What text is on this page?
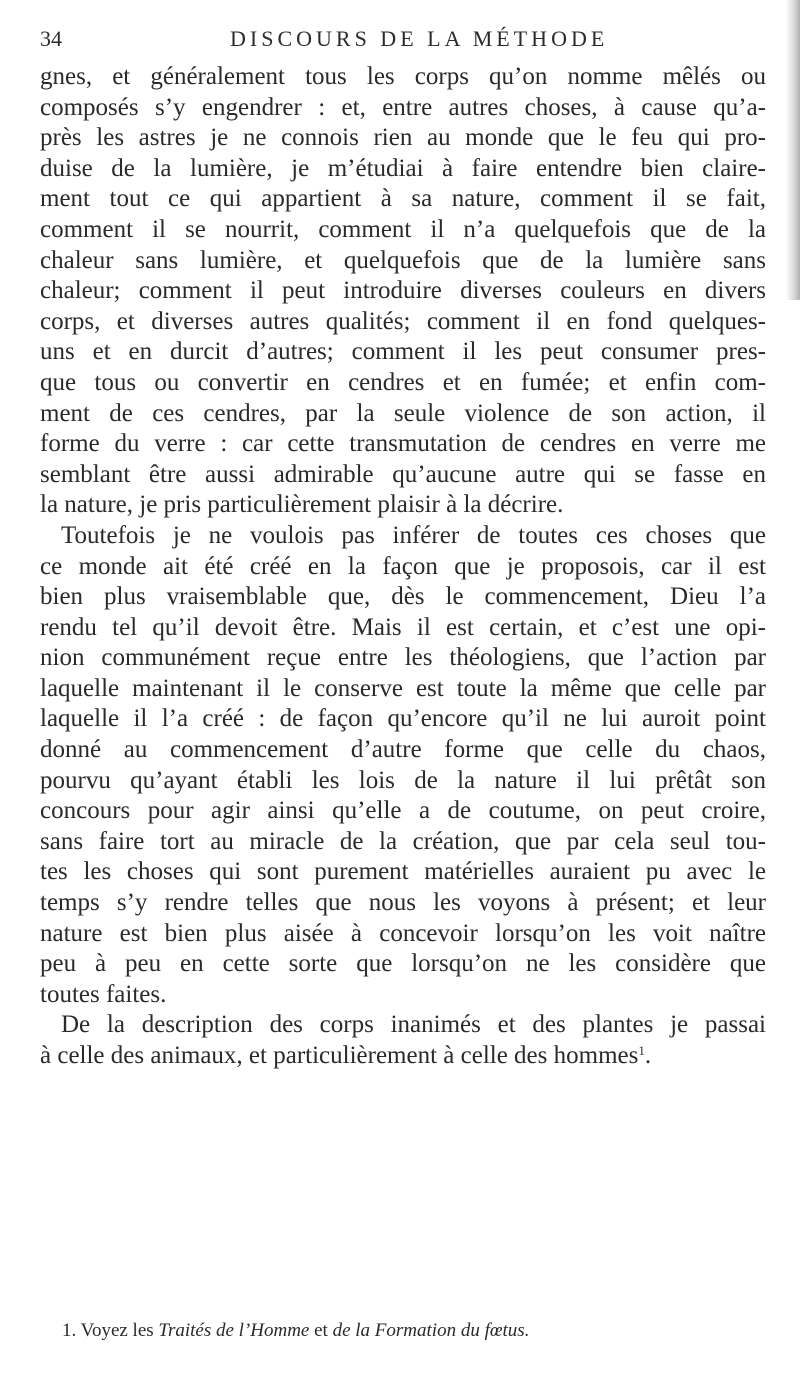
34	DISCOURS DE LA MÉTHODE
gnes, et généralement tous les corps qu’on nomme mêlés ou
composés s’y engendrer : et, entre autres choses, à cause qu’a-
près les astres je ne connois rien au monde que le feu qui pro-
duise de la lumière, je m’étudiai à faire entendre bien claire-
ment tout ce qui appartient à sa nature, comment il se fait,
comment il se nourrit, comment il n’a quelquefois que de la
chaleur sans lumière, et quelquefois que de la lumière sans
chaleur; comment il peut introduire diverses couleurs en divers
corps, et diverses autres qualités; comment il en fond quelques-
uns et en durcit d’autres; comment il les peut consumer pres-
que tous ou convertir en cendres et en fumée; et enfin com-
ment de ces cendres, par la seule violence de son action, il
forme du verre : car cette transmutation de cendres en verre me
semblant être aussi admirable qu’aucune autre qui se fasse en
la nature, je pris particulièrement plaisir à la décrire.
Toutefois je ne voulois pas inférer de toutes ces choses que
ce monde ait été créé en la façon que je proposois, car il est
bien plus vraisemblable que, dès le commencement, Dieu l’a
rendu tel qu’il devoit être. Mais il est certain, et c’est une opi-
nion communément reçue entre les théologiens, que l’action par
laquelle maintenant il le conserve est toute la même que celle par
laquelle il l’a créé : de façon qu’encore qu’il ne lui auroit point
donné au commencement d’autre forme que celle du chaos,
pourvu qu’ayant établi les lois de la nature il lui prêtât son
concours pour agir ainsi qu’elle a de coutume, on peut croire,
sans faire tort au miracle de la création, que par cela seul tou-
tes les choses qui sont purement matérielles auraient pu avec le
temps s’y rendre telles que nous les voyons à présent; et leur
nature est bien plus aisée à concevoir lorsqu’on les voit naître
peu à peu en cette sorte que lorsqu’on ne les considère que
toutes faites.
De la description des corps inanimés et des plantes je passai
à celle des animaux, et particulièrement à celle des hommes$^1$.
1. Voyez les Traités de l’Homme et de la Formation du fœtus.
